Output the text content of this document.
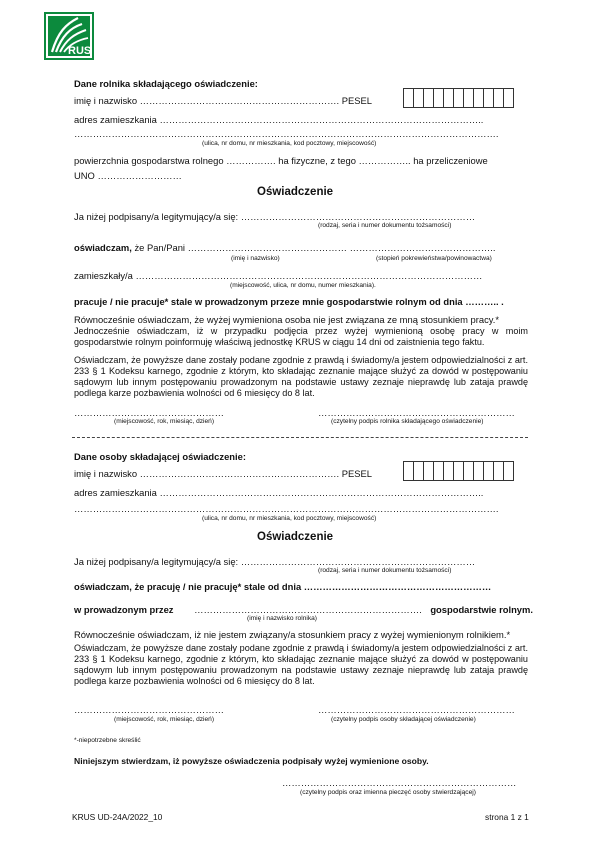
RUS
Dane rolnika składającego oświadczenie:
imię i nazwisko ………………………………………………………. PESEL
adres zamieszkania …………………………………………………………………………………………..
……………………………………………………………………………………………………………………….
(ulica, nr domu, nr mieszkania, kod pocztowy, miejscowość)
powierzchnia gospodarstwa rolnego ……………. ha fizyczne, z tego …………….. ha przeliczeniowe
UNO ………………………
Oświadczenie
Ja niżej podpisany/a legitymujący/a się: …………………………………………………………………
(rodzaj, seria i numer dokumentu tożsamości)
oświadczam, że Pan/Pani …………………………………………… ………………………………………..
(imię i nazwisko)	(stopień pokrewieństwa/powinowactwa)
zamieszkały/a …………………………………………………………………………………………………
(miejscowość, ulica, nr domu, numer mieszkania).
pracuje / nie pracuje* stale w prowadzonym przeze mnie gospodarstwie rolnym od dnia ……….. .
Równocześnie oświadczam, że wyżej wymieniona osoba nie jest związana ze mną stosunkiem pracy.*
Jednocześnie oświadczam, iż w przypadku podjęcia przez wyżej wymienioną osobę pracy w moim gospodarstwie rolnym poinformuję właściwą jednostkę KRUS w ciągu 14 dni od zaistnienia tego faktu.
Oświadczam, że powyższe dane zostały podane zgodnie z prawdą i świadomy/a jestem odpowiedzialności z art. 233 § 1 Kodeksu karnego, zgodnie z którym, kto składając zeznanie mające służyć za dowód w postępowaniu sądowym lub innym postępowaniu prowadzonym na podstawie ustawy zeznaje nieprawdę lub zataja prawdę podlega karze pozbawienia wolności od 6 miesięcy do 8 lat.
…………………………………………	………………………………………………………
(miejscowość, rok, miesiąc, dzień)	(czytelny podpis rolnika składającego oświadczenie)
Dane osoby składającej oświadczenie:
imię i nazwisko ………………………………………………………. PESEL
adres zamieszkania …………………………………………………………………………………………..
……………………………………………………………………………………………………………………….
(ulica, nr domu, nr mieszkania, kod pocztowy, miejscowość)
Oświadczenie
Ja niżej podpisany/a legitymujący/a się: …………………………………………………………………
(rodzaj, seria i numer dokumentu tożsamości)
oświadczam, że pracuję / nie pracuję* stale od dnia ……………………………………………………
w prowadzonym przez ………………………………………………………………. gospodarstwie rolnym.
(imię i nazwisko rolnika)
Równocześnie oświadczam, iż nie jestem związany/a stosunkiem pracy z wyżej wymienionym rolnikiem.*
Oświadczam, że powyższe dane zostały podane zgodnie z prawdą i świadomy/a jestem odpowiedzialności z art. 233 § 1 Kodeksu karnego, zgodnie z którym, kto składając zeznanie mające służyć za dowód w postępowaniu sądowym lub innym postępowaniu prowadzonym na podstawie ustawy zeznaje nieprawdę lub zataja prawdę podlega karze pozbawienia wolności od 6 miesięcy do 8 lat.
…………………………………………	………………………………………………………
(miejscowość, rok, miesiąc, dzień)	(czytelny podpis osoby składającej oświadczenie)
*-niepotrzebne skreślić
Niniejszym stwierdzam, iż powyższe oświadczenia podpisały wyżej wymienione osoby.
…………………………………………………………………
(czytelny podpis oraz imienna pieczęć osoby stwierdzającej)
KRUS UD-24A/2022_10	strona 1 z 1
